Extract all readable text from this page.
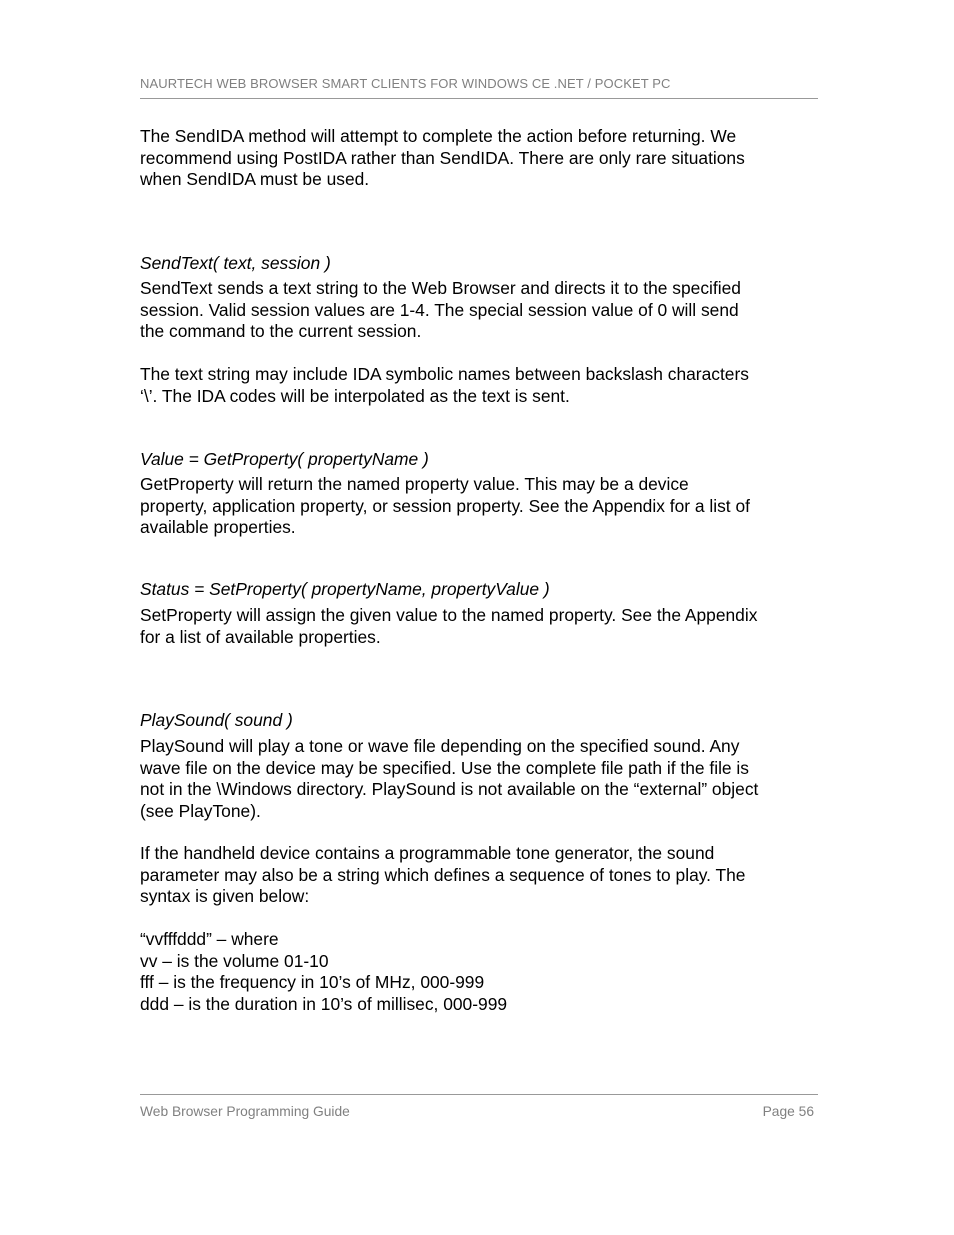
NAURTECH WEB BROWSER SMART CLIENTS FOR WINDOWS CE .NET / POCKET PC
The SendIDA method will attempt to complete the action before returning. We
recommend using PostIDA rather than SendIDA. There are only rare situations
when SendIDA must be used.
SendText( text, session )
SendText sends a text string to the Web Browser and directs it to the specified
session. Valid session values are 1-4. The special session value of 0 will send
the command to the current session.
The text string may include IDA symbolic names between backslash characters
‘\’. The IDA codes will be interpolated as the text is sent.
Value = GetProperty( propertyName )
GetProperty will return the named property value. This may be a device
property, application property, or session property. See the Appendix for a list of
available properties.
Status = SetProperty( propertyName, propertyValue )
SetProperty will assign the given value to the named property. See the Appendix
for a list of available properties.
PlaySound( sound )
PlaySound will play a tone or wave file depending on the specified sound. Any
wave file on the device may be specified. Use the complete file path if the file is
not in the \Windows directory. PlaySound is not available on the “external” object
(see PlayTone).
If the handheld device contains a programmable tone generator, the sound
parameter may also be a string which defines a sequence of tones to play. The
syntax is given below:
“vvfffddd” – where
vv – is the volume 01-10
fff – is the frequency in 10’s of MHz, 000-999
ddd – is the duration in 10’s of millisec, 000-999
Web Browser Programming Guide	Page 56
